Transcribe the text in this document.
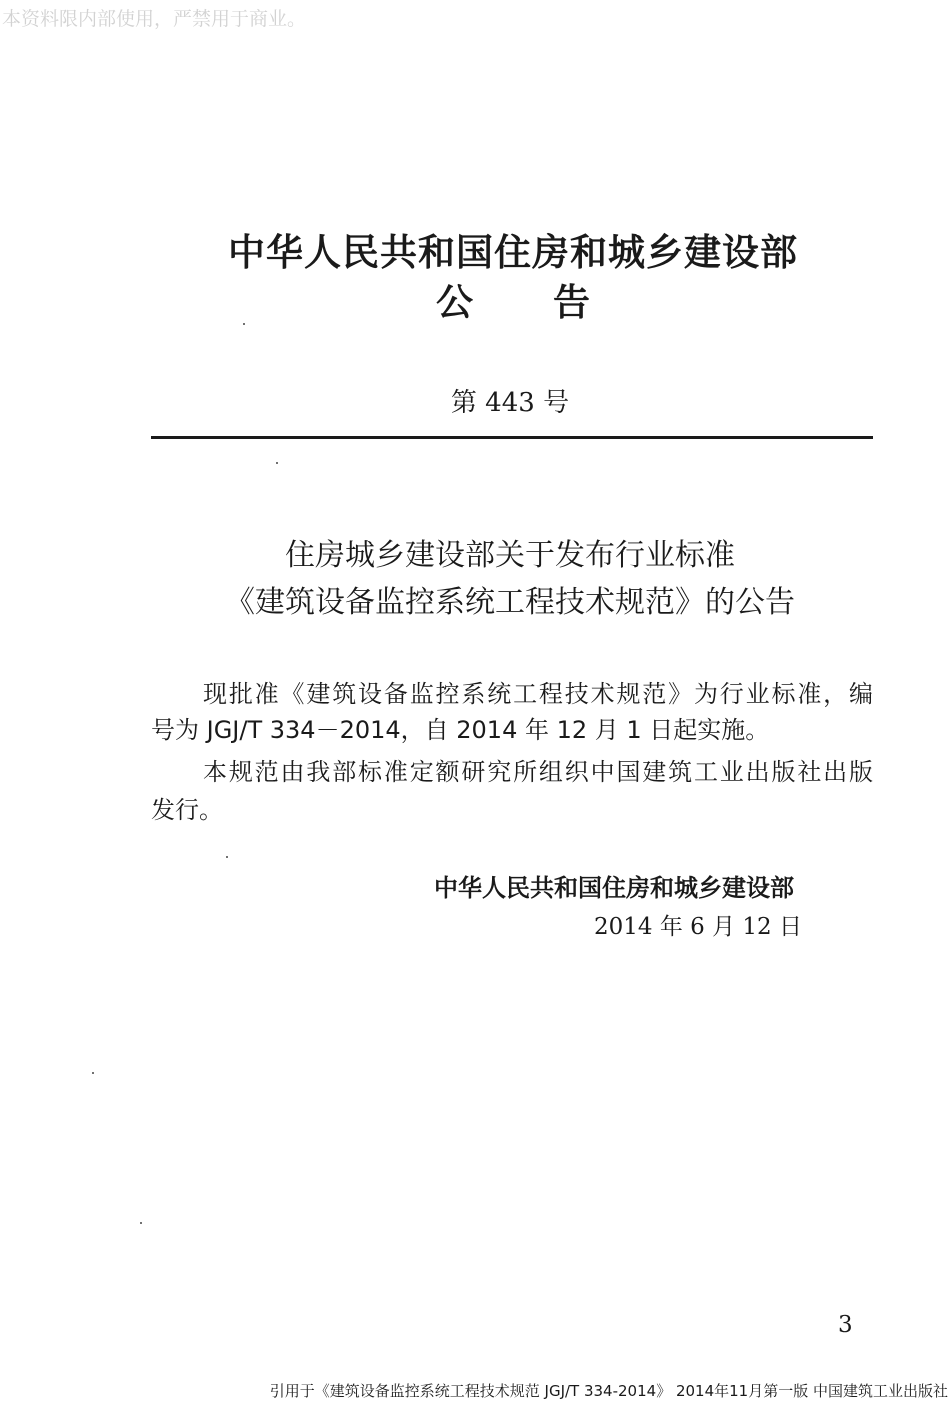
本资料限内部使用，严禁用于商业。
中华人民共和国住房和城乡建设部
公告
第 443 号
住房城乡建设部关于发布行业标准
《建筑设备监控系统工程技术规范》的公告
现批准《建筑设备监控系统工程技术规范》为行业标准，编
号为 JGJ/T 334－2014，自 2014 年 12 月 1 日起实施。
本规范由我部标准定额研究所组织中国建筑工业出版社出版
发行。
中华人民共和国住房和城乡建设部
2014 年 6 月 12 日
3
引用于《建筑设备监控系统工程技术规范 JGJ/T 334-2014》 2014年11月第一版 中国建筑工业出版社
